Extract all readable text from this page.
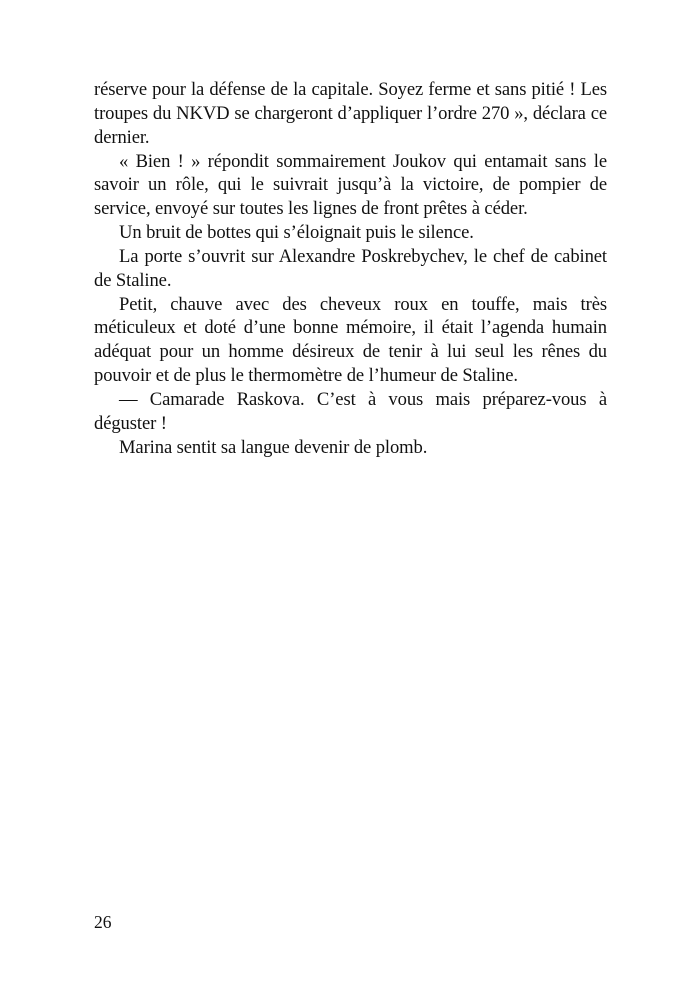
réserve pour la défense de la capitale. Soyez ferme et sans pitié ! Les troupes du NKVD se chargeront d’appliquer l’ordre 270 », déclara ce dernier.

« Bien ! » répondit sommairement Joukov qui entamait sans le savoir un rôle, qui le suivrait jusqu’à la victoire, de pompier de service, envoyé sur toutes les lignes de front prêtes à céder.

Un bruit de bottes qui s’éloignait puis le silence.

La porte s’ouvrit sur Alexandre Poskrebychev, le chef de cabinet de Staline.

Petit, chauve avec des cheveux roux en touffe, mais très méticuleux et doté d’une bonne mémoire, il était l’agenda humain adéquat pour un homme désireux de tenir à lui seul les rênes du pouvoir et de plus le thermomètre de l’humeur de Staline.

— Camarade Raskova. C’est à vous mais préparez-vous à déguster !

Marina sentit sa langue devenir de plomb.

26
